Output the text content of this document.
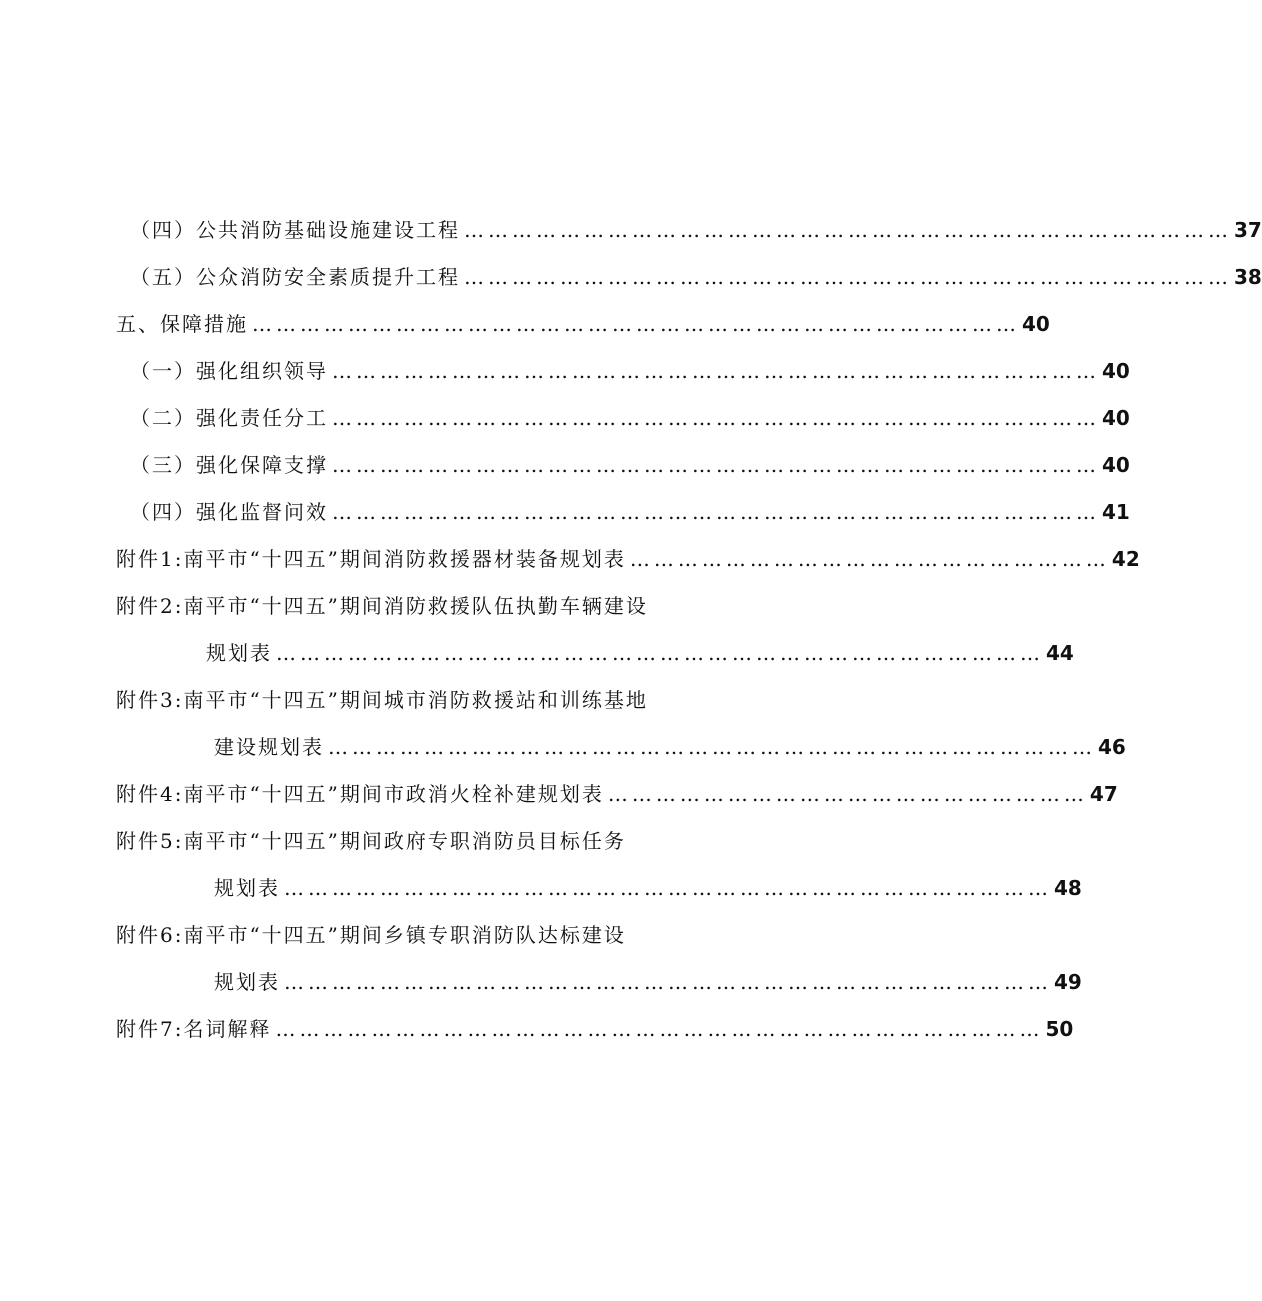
（四）公共消防基础设施建设工程 …………………………………………………………………………………… 37
（五）公众消防安全素质提升工程 …………………………………………………………………………………… 38
五、保障措施 …………………………………………………………………………………… 40
（一）强化组织领导 …………………………………………………………………………………… 40
（二）强化责任分工 …………………………………………………………………………………… 40
（三）强化保障支撑 …………………………………………………………………………………… 40
（四）强化监督问效 …………………………………………………………………………………… 41
附件1:南平市“十四五”期间消防救援器材装备规划表 …………………………………………………… 42
附件2:南平市“十四五”期间消防救援队伍执勤车辆建设
规划表 …………………………………………………………………………………… 44
附件3:南平市“十四五”期间城市消防救援站和训练基地
建设规划表 …………………………………………………………………………………… 46
附件4:南平市“十四五”期间市政消火栓补建规划表 …………………………………………………… 47
附件5:南平市“十四五”期间政府专职消防员目标任务
规划表 …………………………………………………………………………………… 48
附件6:南平市“十四五”期间乡镇专职消防队达标建设
规划表 …………………………………………………………………………………… 49
附件7:名词解释 …………………………………………………………………………………… 50
